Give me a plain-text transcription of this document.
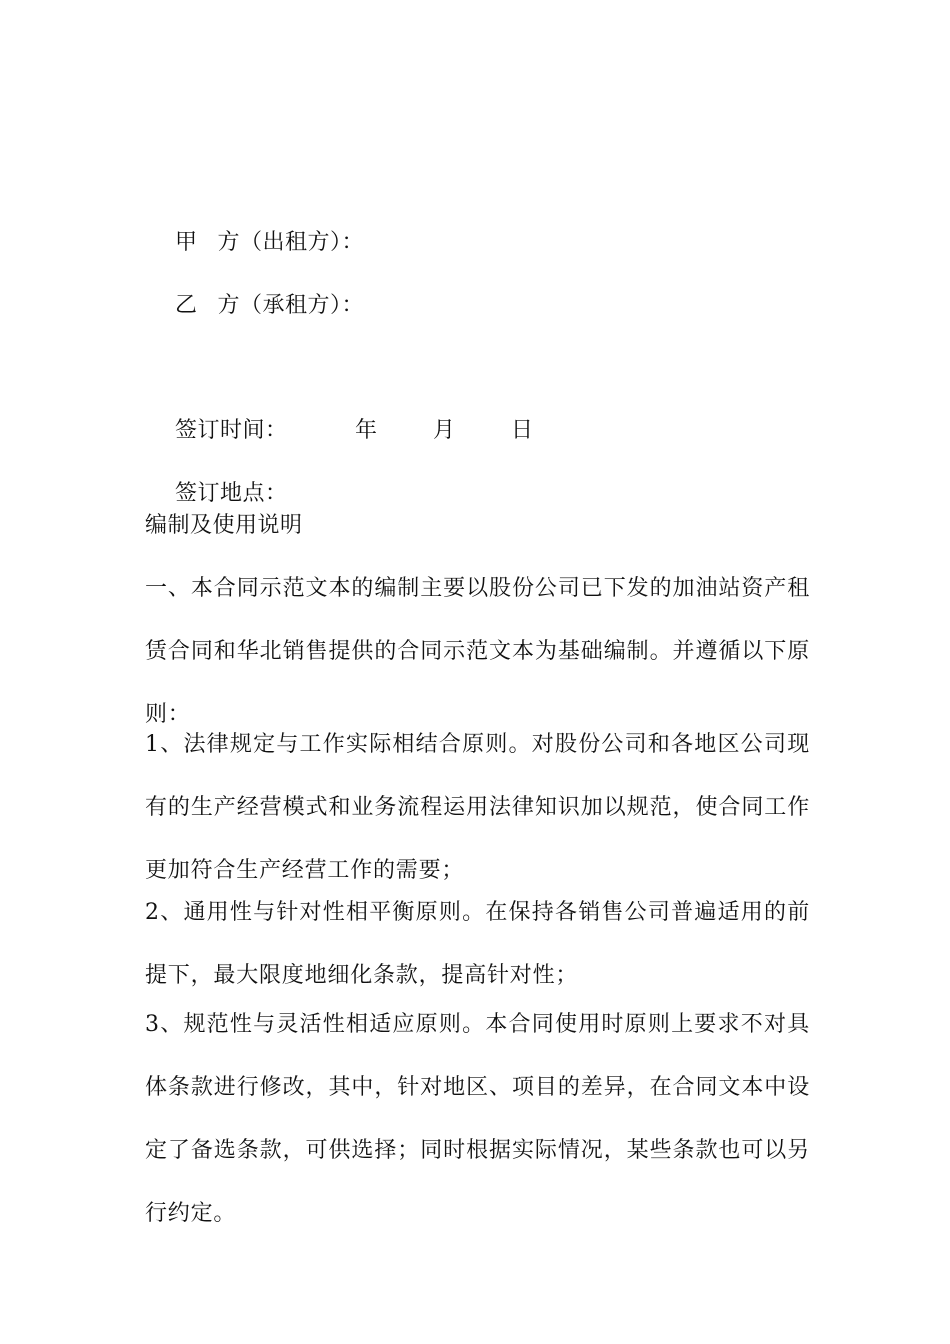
甲 方（出租方）：

乙 方（承租方）：

签订时间：	年	月	日

签订地点：

编制及使用说明
一、本合同示范文本的编制主要以股份公司已下发的加油站资产租赁合同和华北销售提供的合同示范文本为基础编制。并遵循以下原则：
1、法律规定与工作实际相结合原则。对股份公司和各地区公司现有的生产经营模式和业务流程运用法律知识加以规范，使合同工作更加符合生产经营工作的需要；
2、通用性与针对性相平衡原则。在保持各销售公司普遍适用的前提下，最大限度地细化条款，提高针对性；
3、规范性与灵活性相适应原则。本合同使用时原则上要求不对具体条款进行修改，其中，针对地区、项目的差异，在合同文本中设定了备选条款，可供选择；同时根据实际情况，某些条款也可以另行约定。
